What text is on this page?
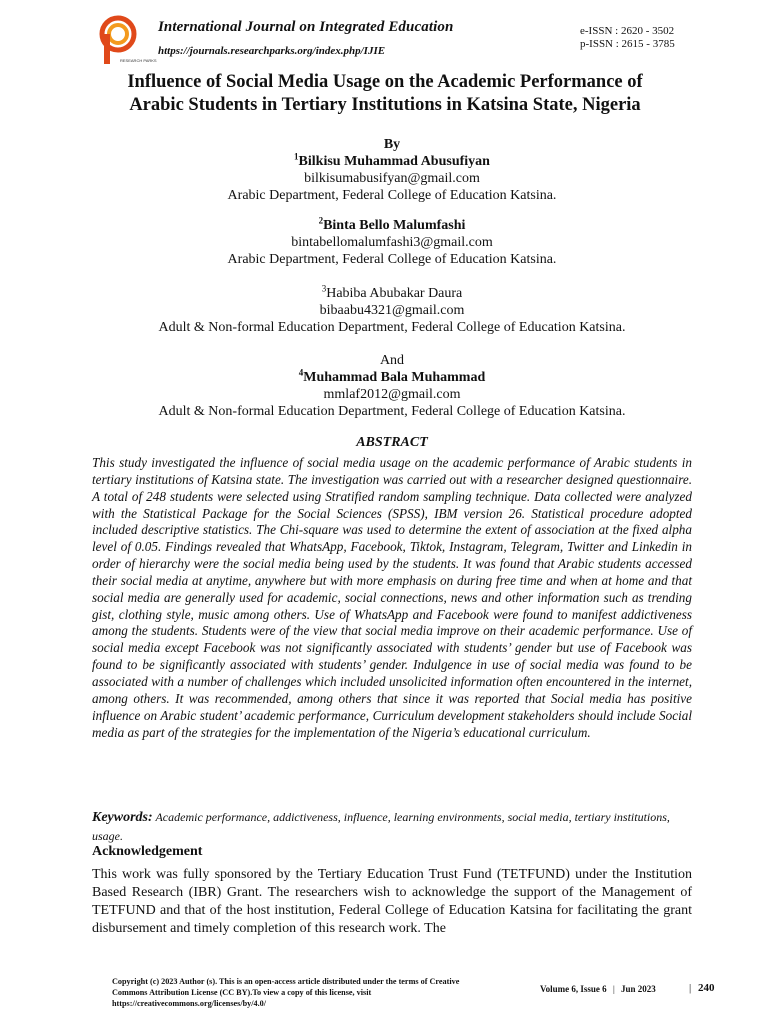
RESEARCH PARKS
International Journal on Integrated Education
https://journals.researchparks.org/index.php/IJIE
e-ISSN : 2620 - 3502
p-ISSN : 2615 - 3785
Influence of Social Media Usage on the Academic Performance of
Arabic Students in Tertiary Institutions in Katsina State, Nigeria
By
$^1$Bilkisu Muhammad Abusufiyan
bilkisumabusifyan@gmail.com
Arabic Department, Federal College of Education Katsina.
$^2$Binta Bello Malumfashi
bintabellomalumfashi3@gmail.com
Arabic Department, Federal College of Education Katsina.
$^3$Habiba Abubakar Daura
bibaabu4321@gmail.com
Adult & Non-formal Education Department, Federal College of Education Katsina.
And
$^4$Muhammad Bala Muhammad
mmlaf2012@gmail.com
Adult & Non-formal Education Department, Federal College of Education Katsina.
ABSTRACT

This study investigated the influence of social media usage on the academic performance of Arabic students in tertiary institutions of Katsina state. The investigation was carried out with a researcher designed questionnaire. A total of 248 students were selected using Stratified random sampling technique. Data collected were analyzed with the Statistical Package for the Social Sciences (SPSS), IBM version 26. Statistical procedure adopted included descriptive statistics. The Chi-square was used to determine the extent of association at the fixed alpha level of 0.05. Findings revealed that WhatsApp, Facebook, Tiktok, Instagram, Telegram, Twitter and Linkedin in order of hierarchy were the social media being used by the students. It was found that Arabic students accessed their social media at anytime, anywhere but with more emphasis on during free time and when at home and that social media are generally used for academic, social connections, news and other information such as trending gist, clothing style, music among others. Use of WhatsApp and Facebook were found to manifest addictiveness among the students. Students were of the view that social media improve on their academic performance. Use of social media except Facebook was not significantly associated with students’ gender but use of Facebook was found to be significantly associated with students’ gender. Indulgence in use of social media was found to be associated with a number of challenges which included unsolicited information often encountered in the internet, among others. It was recommended, among others that since it was reported that Social media has positive influence on Arabic student’ academic performance, Curriculum development stakeholders should include Social media as part of the strategies for the implementation of the Nigeria’s educational curriculum.

Keywords: Academic performance, addictiveness, influence, learning environments, social media, tertiary institutions, usage.
Acknowledgement

This work was fully sponsored by the Tertiary Education Trust Fund (TETFUND) under the Institution Based Research (IBR) Grant. The researchers wish to acknowledge the support of the Management of TETFUND and that of the host institution, Federal College of Education Katsina for facilitating the grant disbursement and timely completion of this research work. The

Copyright (c) 2023 Author (s). This is an open-access article distributed under the terms of Creative Commons Attribution License (CC BY).To view a copy of this license, visit https://creativecommons.org/licenses/by/4.0/
Volume 6, Issue 6 | Jun 2023	| 240
